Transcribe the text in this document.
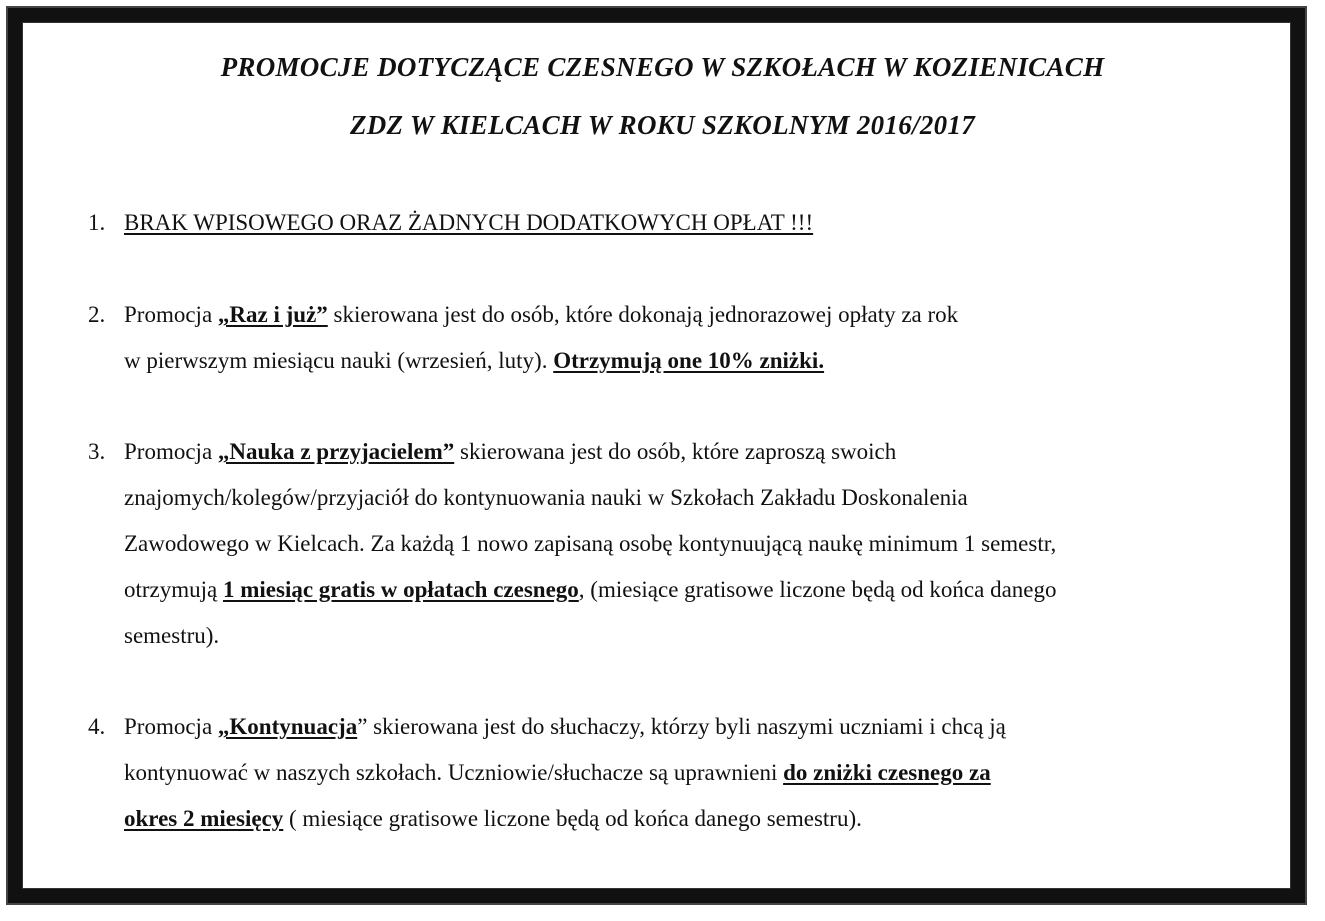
PROMOCJE DOTYCZĄCE CZESNEGO W SZKOŁACH W KOZIENICACH
ZDZ W KIELCACH W ROKU SZKOLNYM 2016/2017
1. BRAK WPISOWEGO ORAZ ŻADNYCH DODATKOWYCH OPŁAT !!!
2. Promocja „Raz i już” skierowana jest do osób, które dokonają jednorazowej opłaty za rok
w pierwszym miesiącu nauki (wrzesień, luty). Otrzymują one 10% zniżki.
3. Promocja „Nauka z przyjacielem” skierowana jest do osób, które zaproszą swoich
znajomych/kolegów/przyjaciół do kontynuowania nauki w Szkołach Zakładu Doskonalenia
Zawodowego w Kielcach. Za każdą 1 nowo zapisaną osobę kontynuującą naukę minimum 1 semestr,
otrzymują 1 miesiąc gratis w opłatach czesnego, (miesiące gratisowe liczone będą od końca danego
semestru).
4. Promocja „Kontynuacja” skierowana jest do słuchaczy, którzy byli naszymi uczniami i chcą ją
kontynuować w naszych szkołach. Uczniowie/słuchacze są uprawnieni do zniżki czesnego za
okres 2 miesięcy ( miesiące gratisowe liczone będą od końca danego semestru).
